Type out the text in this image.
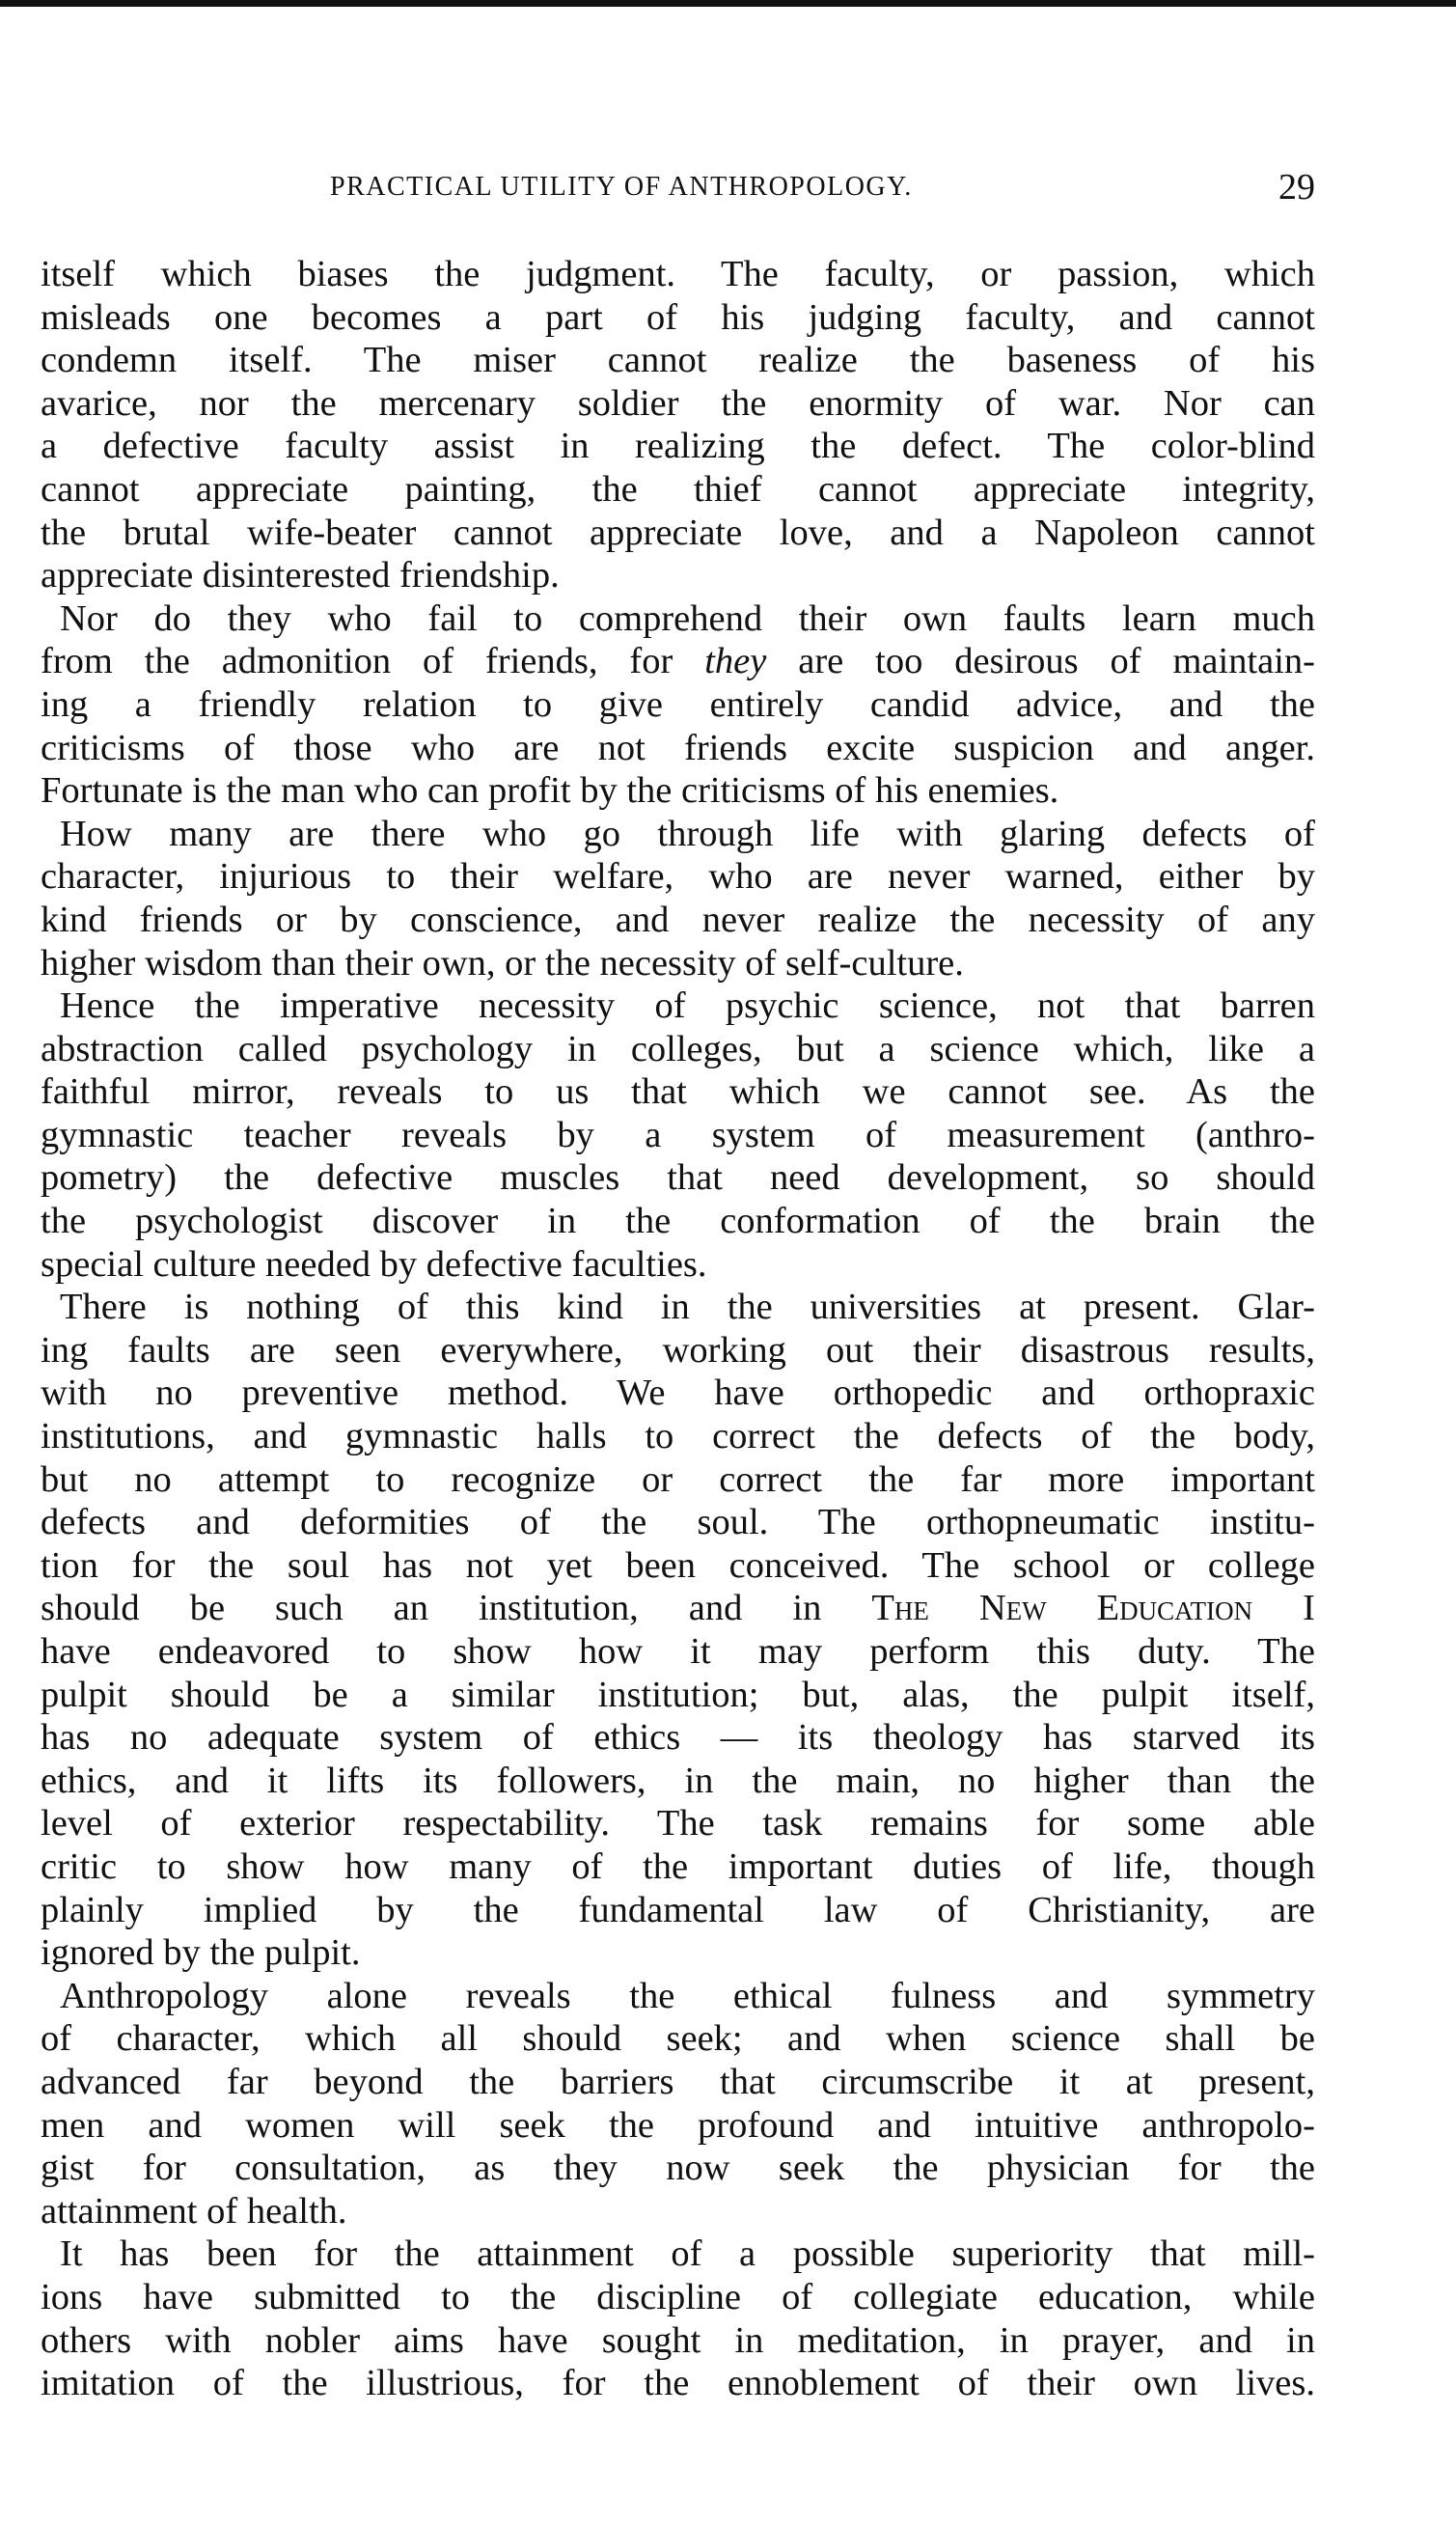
PRACTICAL UTILITY OF ANTHROPOLOGY.	29
itself which biases the judgment. The faculty, or passion, which
misleads one becomes a part of his judging faculty, and cannot
condemn itself. The miser cannot realize the baseness of his
avarice, nor the mercenary soldier the enormity of war. Nor can
a defective faculty assist in realizing the defect. The color-blind
cannot appreciate painting, the thief cannot appreciate integrity,
the brutal wife-beater cannot appreciate love, and a Napoleon cannot
appreciate disinterested friendship.
Nor do they who fail to comprehend their own faults learn much
from the admonition of friends, for they are too desirous of maintain-
ing a friendly relation to give entirely candid advice, and the
criticisms of those who are not friends excite suspicion and anger.
Fortunate is the man who can profit by the criticisms of his enemies.
How many are there who go through life with glaring defects of
character, injurious to their welfare, who are never warned, either by
kind friends or by conscience, and never realize the necessity of any
higher wisdom than their own, or the necessity of self-culture.
Hence the imperative necessity of psychic science, not that barren
abstraction called psychology in colleges, but a science which, like a
faithful mirror, reveals to us that which we cannot see. As the
gymnastic teacher reveals by a system of measurement (anthro-
pometry) the defective muscles that need development, so should
the psychologist discover in the conformation of the brain the
special culture needed by defective faculties.
There is nothing of this kind in the universities at present. Glar-
ing faults are seen everywhere, working out their disastrous results,
with no preventive method. We have orthopedic and orthopraxic
institutions, and gymnastic halls to correct the defects of the body,
but no attempt to recognize or correct the far more important
defects and deformities of the soul. The orthopneumatic institu-
tion for the soul has not yet been conceived. The school or college
should be such an institution, and in The New Education I
have endeavored to show how it may perform this duty. The
pulpit should be a similar institution; but, alas, the pulpit itself,
has no adequate system of ethics — its theology has starved its
ethics, and it lifts its followers, in the main, no higher than the
level of exterior respectability. The task remains for some able
critic to show how many of the important duties of life, though
plainly implied by the fundamental law of Christianity, are
ignored by the pulpit.
Anthropology alone reveals the ethical fulness and symmetry
of character, which all should seek; and when science shall be
advanced far beyond the barriers that circumscribe it at present,
men and women will seek the profound and intuitive anthropolo-
gist for consultation, as they now seek the physician for the
attainment of health.
It has been for the attainment of a possible superiority that mill-
ions have submitted to the discipline of collegiate education, while
others with nobler aims have sought in meditation, in prayer, and in
imitation of the illustrious, for the ennoblement of their own lives.
